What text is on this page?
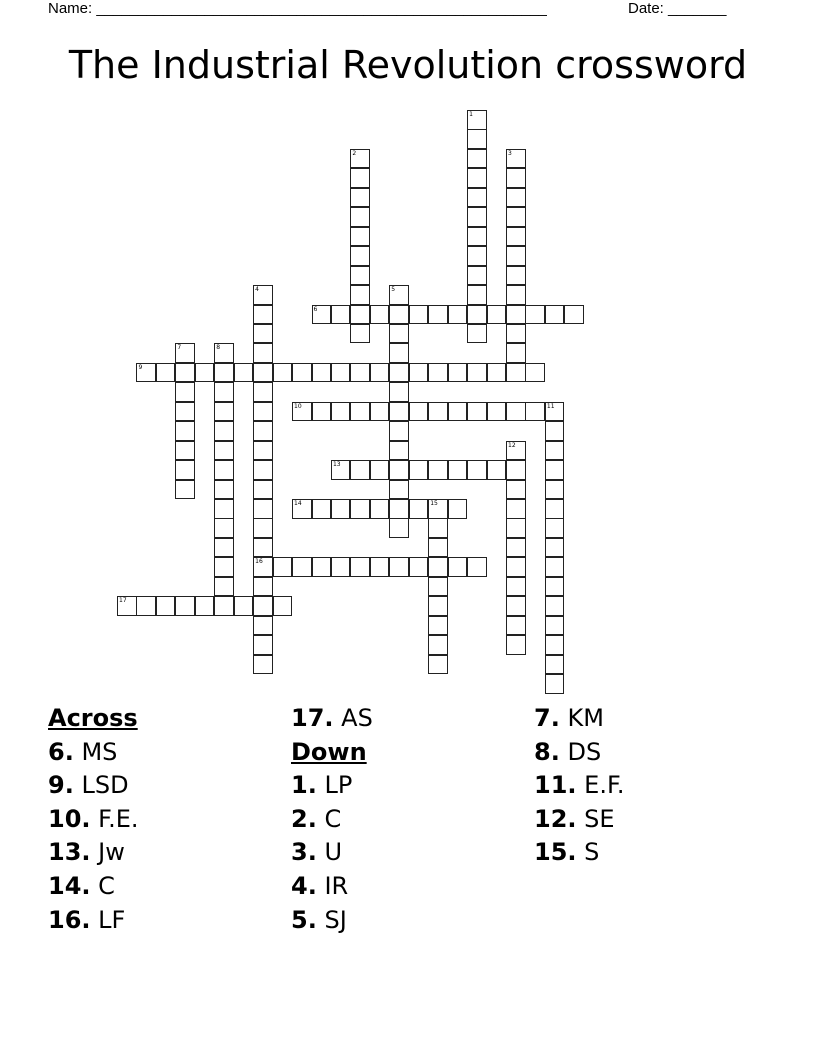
Name: ______________________________________________________	Date: _______
The Industrial Revolution crossword
1
2	3
4
16
5
6
7	8
9
10	11
12
13
14	15
17
Across
6. MS
9. LSD
10. F.E.
13. Jw
14. C
16. LF
17. AS
Down
1. LP
2. C
3. U
4. IR
5. SJ
7. KM
8. DS
11. E.F.
12. SE
15. S
